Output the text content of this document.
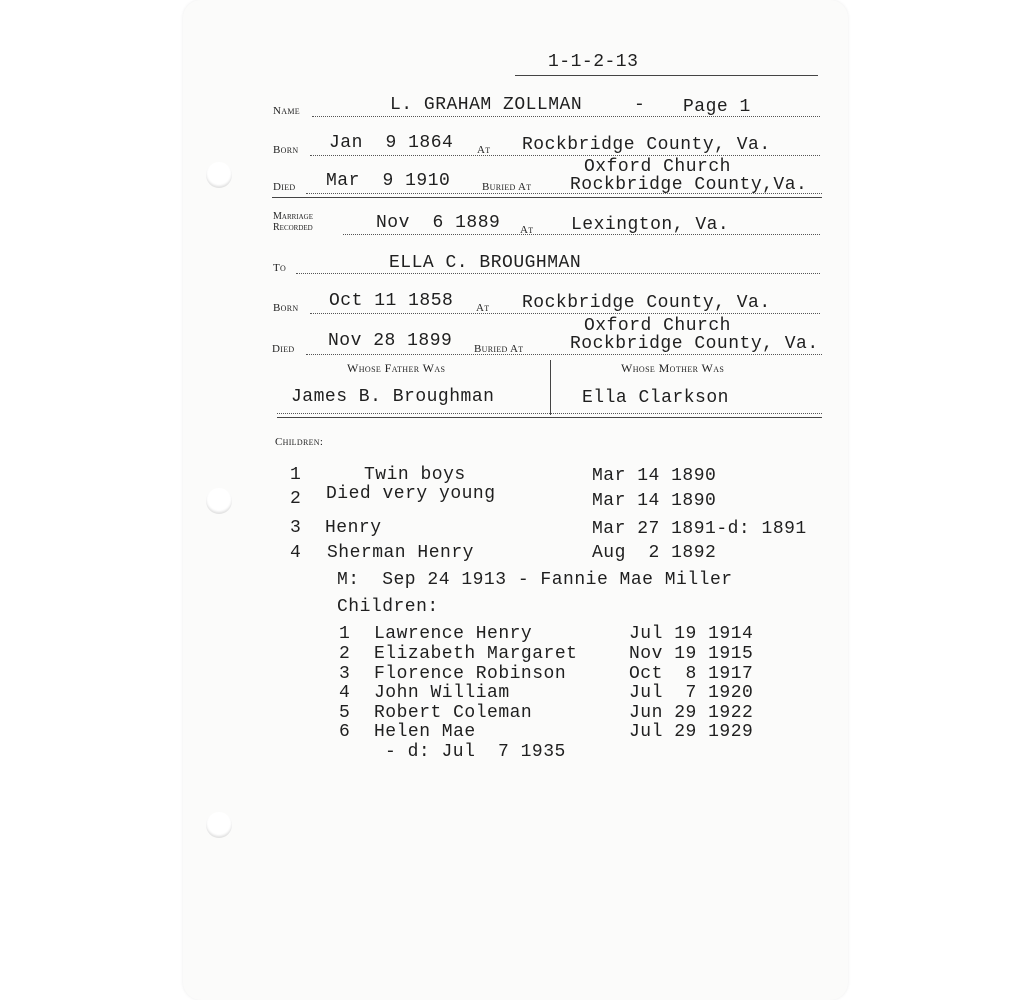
1-1-2-13
Name	L. GRAHAM ZOLLMAN	- Page 1
Born Jan  9 1864 At Rockbridge County, Va.
Died Mar  9 1910	Buried At
Oxford Church
Rockbridge County,Va.
Marriage
Recorded	Nov  6 1889 At Lexington, Va.
To	ELLA C. BROUGHMAN
Born Oct 11 1858 At Rockbridge County, Va.
Died Nov 28 1899 Buried At
Oxford Church
Rockbridge County, Va.
Whose Father Was	Whose Mother Was
James B. Broughman	Ella Clarkson
Children:
1	Twin boys	Mar 14 1890
2 Died very young	Mar 14 1890
3 Henry	Mar 27 1891-d: 1891
4 Sherman Henry	Aug  2 1892
M:  Sep 24 1913 - Fannie Mae Miller
Children:
1 Lawrence Henry	Jul 19 1914
2 Elizabeth Margaret	Nov 19 1915
3 Florence Robinson	Oct  8 1917
4 John William	Jul  7 1920
5 Robert Coleman	Jun 29 1922
6 Helen Mae	Jul 29 1929
- d: Jul  7 1935
